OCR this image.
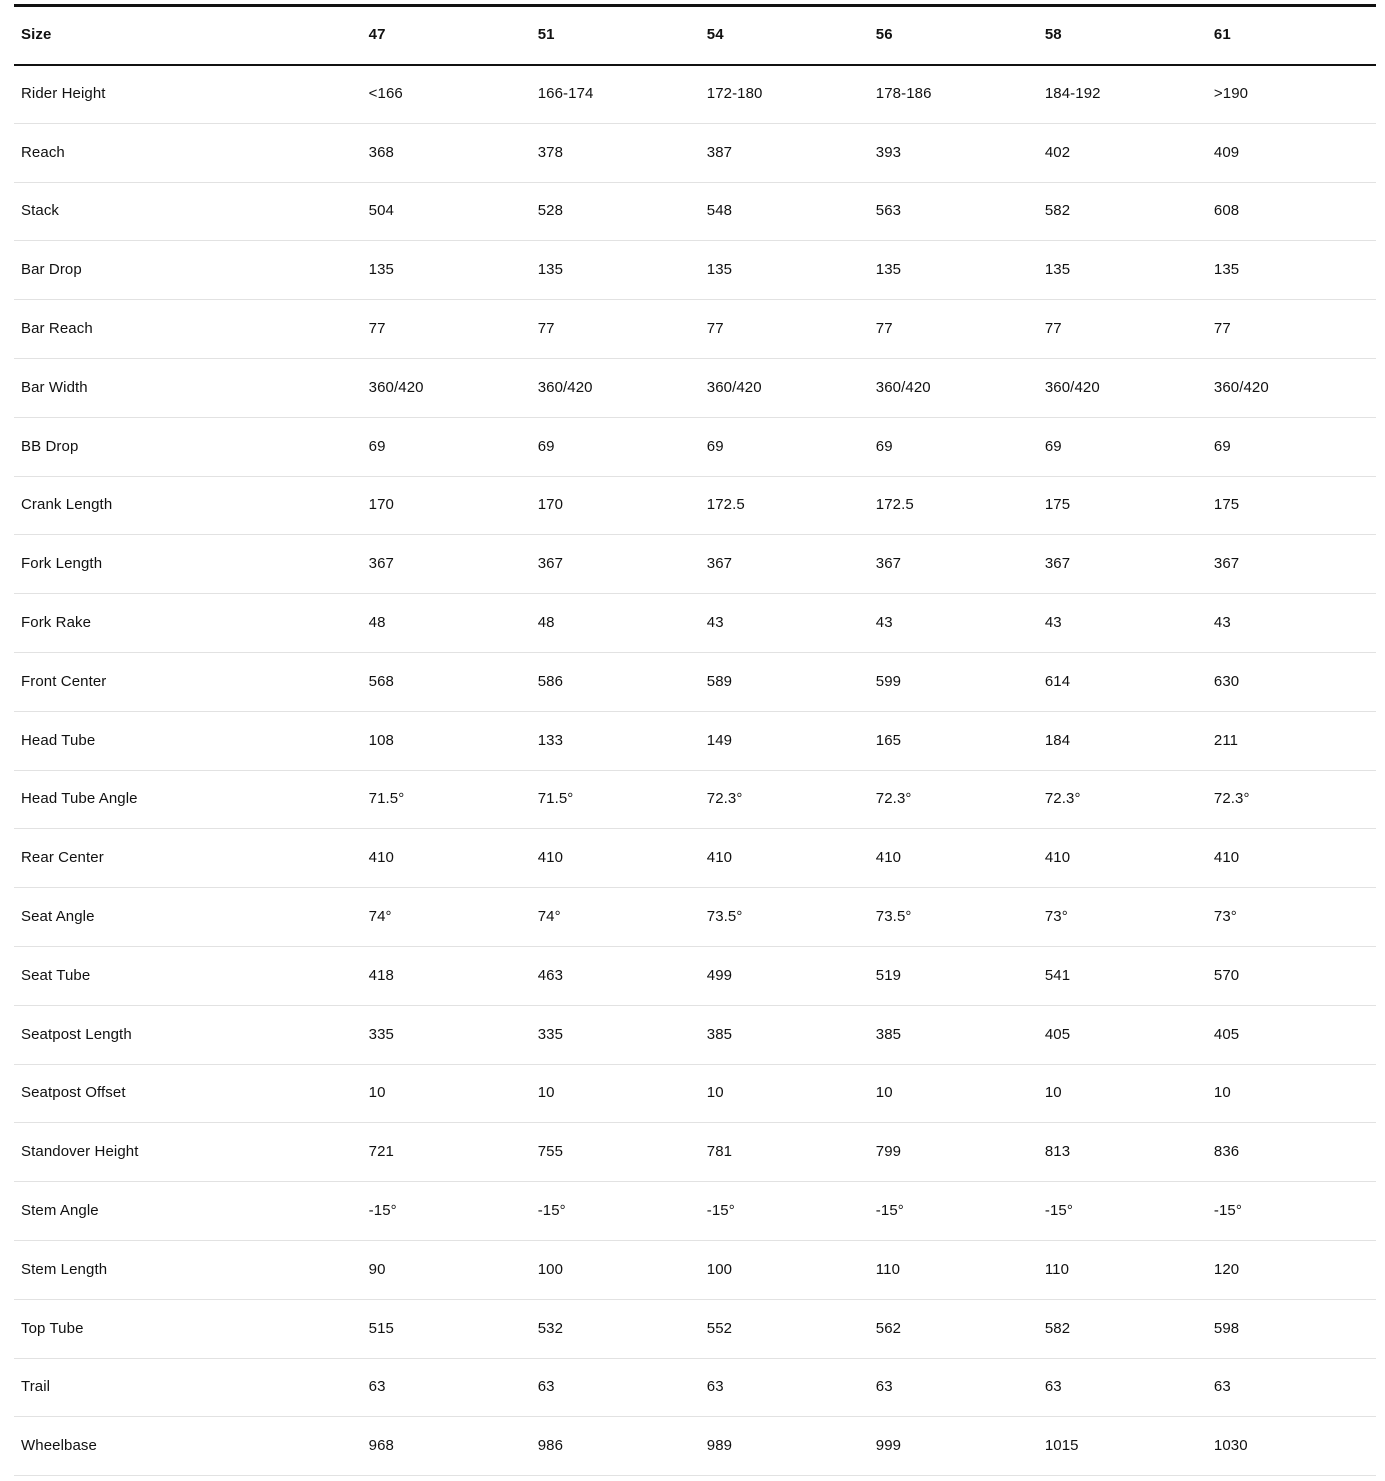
Size	47	51	54	56	58	61
Rider Height	<166	166-174	172-180	178-186	184-192	>190
Reach	368	378	387	393	402	409
Stack	504	528	548	563	582	608
Bar Drop	135	135	135	135	135	135
Bar Reach	77	77	77	77	77	77
Bar Width	360/420	360/420	360/420	360/420	360/420	360/420
BB Drop	69	69	69	69	69	69
Crank Length	170	170	172.5	172.5	175	175
Fork Length	367	367	367	367	367	367
Fork Rake	48	48	43	43	43	43
Front Center	568	586	589	599	614	630
Head Tube	108	133	149	165	184	211
Head Tube Angle	71.5°	71.5°	72.3°	72.3°	72.3°	72.3°
Rear Center	410	410	410	410	410	410
Seat Angle	74°	74°	73.5°	73.5°	73°	73°
Seat Tube	418	463	499	519	541	570
Seatpost Length	335	335	385	385	405	405
Seatpost Offset	10	10	10	10	10	10
Standover Height	721	755	781	799	813	836
Stem Angle	-15°	-15°	-15°	-15°	-15°	-15°
Stem Length	90	100	100	110	110	120
Top Tube	515	532	552	562	582	598
Trail	63	63	63	63	63	63
Wheelbase	968	986	989	999	1015	1030
